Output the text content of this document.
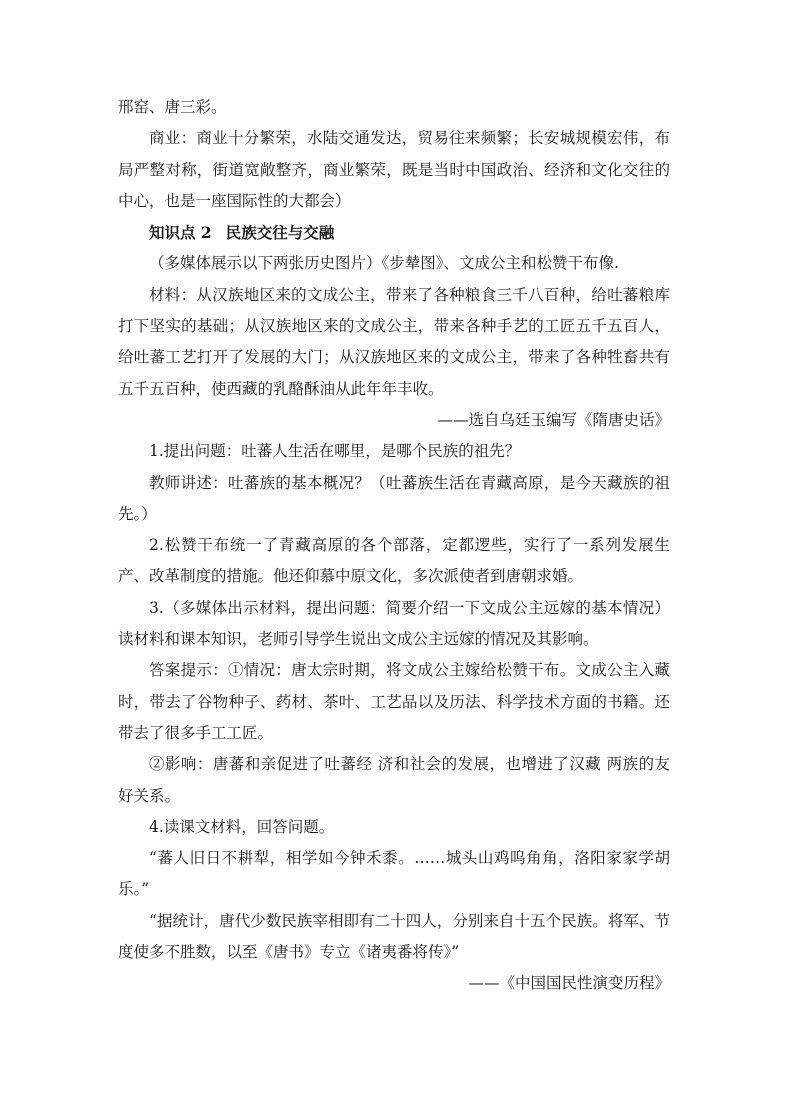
邢窑、唐三彩。

商业：商业十分繁荣，水陆交通发达，贸易往来频繁；长安城规模宏伟，布局严整对称，街道宽敞整齐，商业繁荣，既是当时中国政治、经济和文化交往的中心，也是一座国际性的大都会）

知识点 2 民族交往与交融

（多媒体展示以下两张历史图片）《步辇图》、文成公主和松赞干布像.

材料：从汉族地区来的文成公主，带来了各种粮食三千八百种，给吐蕃粮库打下坚实的基础；从汉族地区来的文成公主，带来各种手艺的工匠五千五百人，给吐蕃工艺打开了发展的大门；从汉族地区来的文成公主，带来了各种牲畜共有五千五百种，使西藏的乳酪酥油从此年年丰收。

——选自乌廷玉编写《隋唐史话》

1.提出问题：吐蕃人生活在哪里，是哪个民族的祖先？

教师讲述：吐蕃族的基本概况？（吐蕃族生活在青藏高原，是今天藏族的祖先。）

2.松赞干布统一了青藏高原的各个部落，定都逻些，实行了一系列发展生产、改革制度的措施。他还仰慕中原文化，多次派使者到唐朝求婚。

3.（多媒体出示材料，提出问题：简要介绍一下文成公主远嫁的基本情况）读材料和课本知识，老师引导学生说出文成公主远嫁的情况及其影响。

答案提示：①情况：唐太宗时期，将文成公主嫁给松赞干布。文成公主入藏时，带去了谷物种子、药材、茶叶、工艺品以及历法、科学技术方面的书籍。还带去了很多手工工匠。

②影响：唐蕃和亲促进了吐蕃经 济和社会的发展，也增进了汉藏 两族的友好关系。

4.读课文材料，回答问题。

“蕃人旧日不耕犁，相学如今钟禾黍。……城头山鸡呜角角，洛阳家家学胡乐。”

“据统计，唐代少数民族宰相即有二十四人，分别来自十五个民族。将军、节度使多不胜数，以至《唐书》专立《诸夷番将传》”

——《中国国民性演变历程》
